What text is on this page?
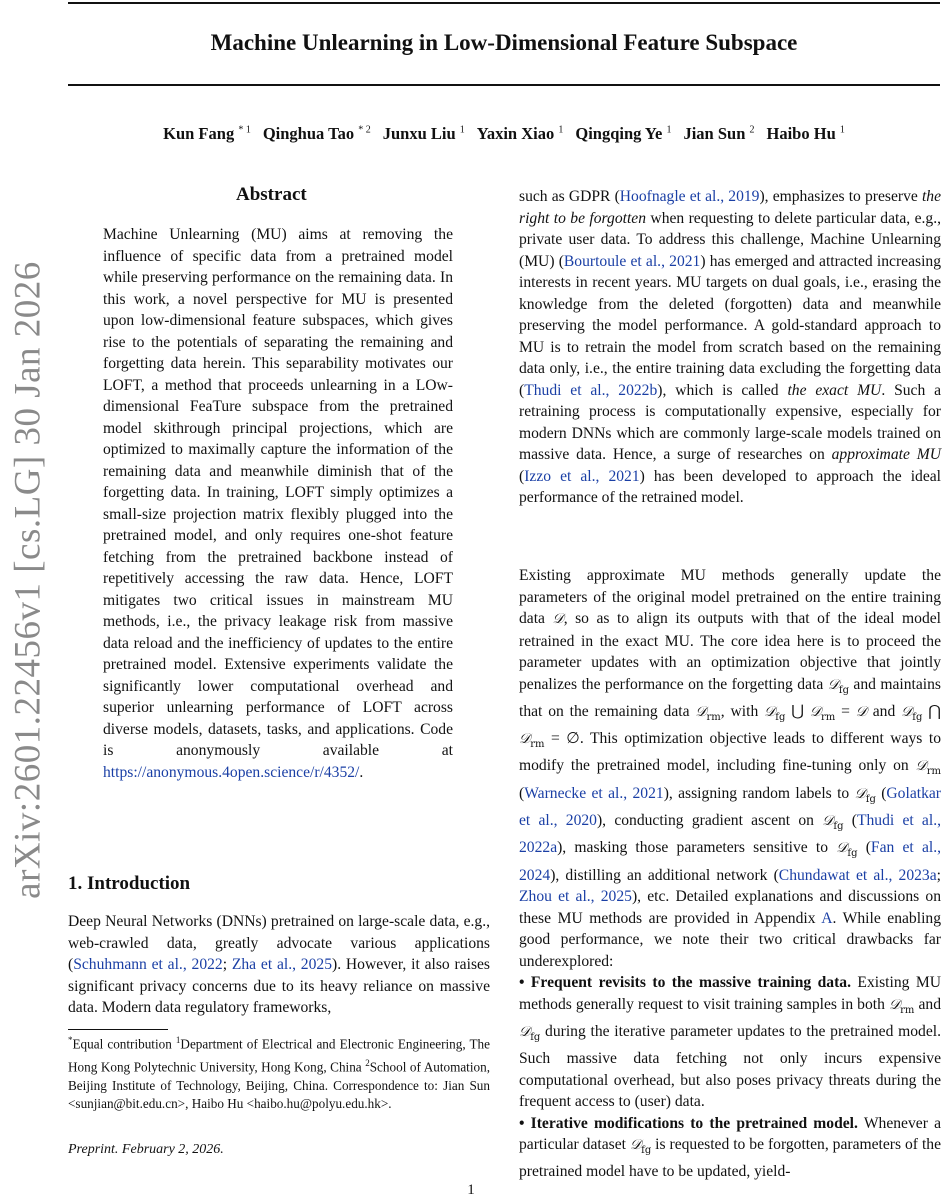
arXiv:2601.22456v1 [cs.LG] 30 Jan 2026
Machine Unlearning in Low-Dimensional Feature Subspace
Kun Fang $^{* 1}$ Qinghua Tao $^{* 2}$ Junxu Liu $^1$ Yaxin Xiao $^1$ Qingqing Ye $^1$ Jian Sun $^2$ Haibo Hu $^1$
Abstract
Machine Unlearning (MU) aims at removing the influence of specific data from a pretrained model while preserving performance on the remaining data. In this work, a novel perspective for MU is presented upon low-dimensional feature subspaces, which gives rise to the potentials of separating the remaining and forgetting data herein. This separability motivates our LOFT, a method that proceeds unlearning in a LOw-dimensional FeaTure subspace from the pretrained model skithrough principal projections, which are optimized to maximally capture the information of the remaining data and meanwhile diminish that of the forgetting data. In training, LOFT simply optimizes a small-size projection matrix flexibly plugged into the pretrained model, and only requires one-shot feature fetching from the pretrained backbone instead of repetitively accessing the raw data. Hence, LOFT mitigates two critical issues in mainstream MU methods, i.e., the privacy leakage risk from massive data reload and the inefficiency of updates to the entire pretrained model. Extensive experiments validate the significantly lower computational overhead and superior unlearning performance of LOFT across diverse models, datasets, tasks, and applications. Code is anonymously available at https://anonymous.4open.science/r/4352/.
1. Introduction
Deep Neural Networks (DNNs) pretrained on large-scale data, e.g., web-crawled data, greatly advocate various applications (Schuhmann et al., 2022; Zha et al., 2025). However, it also raises significant privacy concerns due to its heavy reliance on massive data. Modern data regulatory frameworks,
*Equal contribution $^1$Department of Electrical and Electronic Engineering, The Hong Kong Polytechnic University, Hong Kong, China $^2$School of Automation, Beijing Institute of Technology, Beijing, China. Correspondence to: Jian Sun <sunjian@bit.edu.cn>, Haibo Hu <haibo.hu@polyu.edu.hk>.
Preprint. February 2, 2026.
1
such as GDPR (Hoofnagle et al., 2019), emphasizes to preserve the right to be forgotten when requesting to delete particular data, e.g., private user data. To address this challenge, Machine Unlearning (MU) (Bourtoule et al., 2021) has emerged and attracted increasing interests in recent years. MU targets on dual goals, i.e., erasing the knowledge from the deleted (forgotten) data and meanwhile preserving the model performance. A gold-standard approach to MU is to retrain the model from scratch based on the remaining data only, i.e., the entire training data excluding the forgetting data (Thudi et al., 2022b), which is called the exact MU. Such a retraining process is computationally expensive, especially for modern DNNs which are commonly large-scale models trained on massive data. Hence, a surge of researches on approximate MU (Izzo et al., 2021) has been developed to approach the ideal performance of the retrained model.

Existing approximate MU methods generally update the parameters of the original model pretrained on the entire training data 𝒟, so as to align its outputs with that of the ideal model retrained in the exact MU. The core idea here is to proceed the parameter updates with an optimization objective that jointly penalizes the performance on the forgetting data 𝒟$_{fg}$ and maintains that on the remaining data 𝒟$_{rm}$, with 𝒟$_{fg}$ ⋃ 𝒟$_{rm}$ = 𝒟 and 𝒟$_{fg}$ ⋂ 𝒟$_{rm}$ = ∅. This optimization objective leads to different ways to modify the pretrained model, including fine-tuning only on 𝒟$_{rm}$ (Warnecke et al., 2021), assigning random labels to 𝒟$_{fg}$ (Golatkar et al., 2020), conducting gradient ascent on 𝒟$_{fg}$ (Thudi et al., 2022a), masking those parameters sensitive to 𝒟$_{fg}$ (Fan et al., 2024), distilling an additional network (Chundawat et al., 2023a; Zhou et al., 2025), etc. Detailed explanations and discussions on these MU methods are provided in Appendix A. While enabling good performance, we note their two critical drawbacks far underexplored:

• Frequent revisits to the massive training data. Existing MU methods generally request to visit training samples in both 𝒟$_{rm}$ and 𝒟$_{fg}$ during the iterative parameter updates to the pretrained model. Such massive data fetching not only incurs expensive computational overhead, but also poses privacy threats during the frequent access to (user) data.

• Iterative modifications to the pretrained model. Whenever a particular dataset 𝒟$_{fg}$ is requested to be forgotten, parameters of the pretrained model have to be updated, yield-
